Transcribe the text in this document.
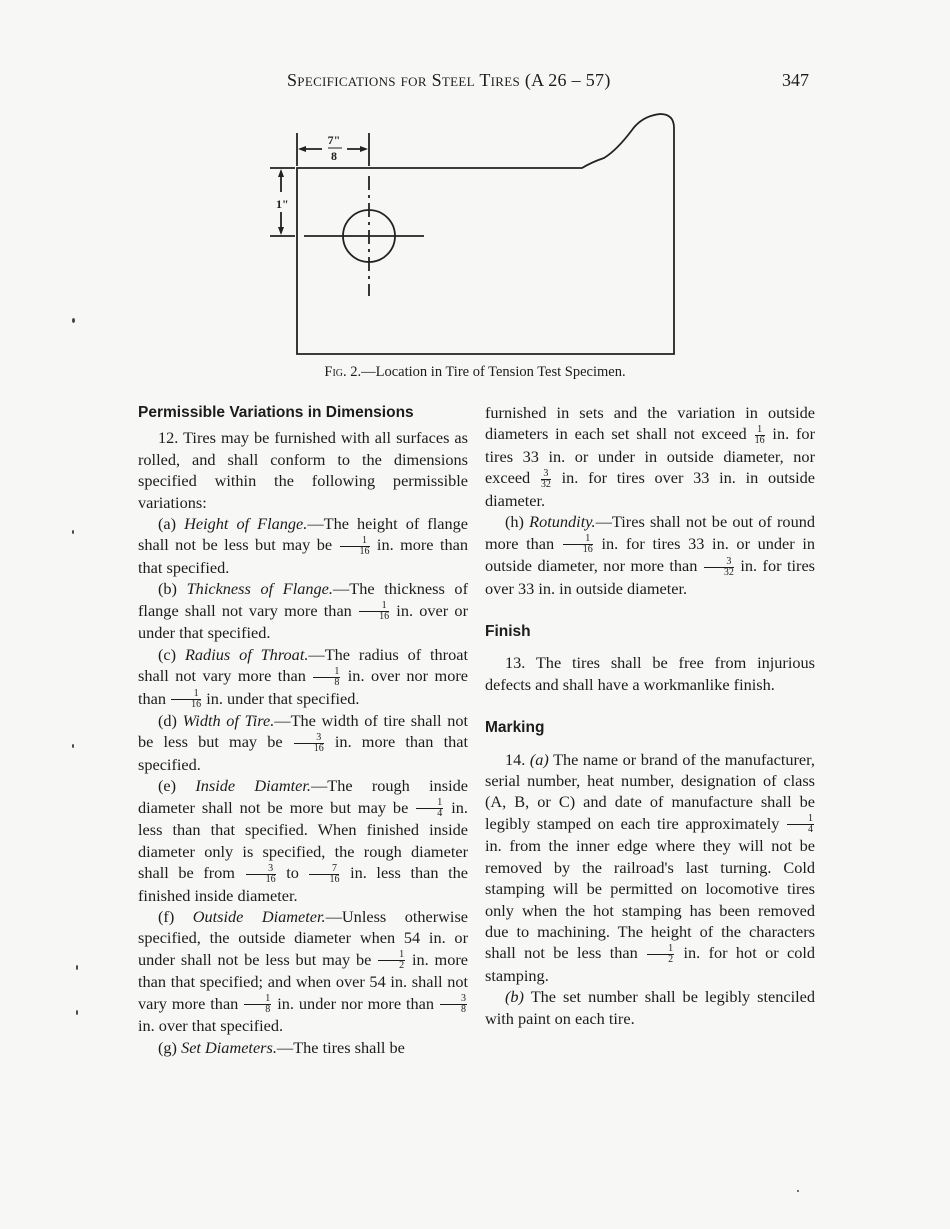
Specifications for Steel Tires (A 26 – 57)	347
7"
8
1"
Fig. 2.—Location in Tire of Tension Test Specimen.
Permissible Variations in Dimensions

12. Tires may be furnished with all surfaces as rolled, and shall conform to the dimensions specified within the following permissible variations:

(a) Height of Flange.—The height of flange shall not be less but may be $\frac{1}{16}$ in. more than that specified.

(b) Thickness of Flange.—The thickness of flange shall not vary more than $\frac{1}{16}$ in. over or under that specified.

(c) Radius of Throat.—The radius of throat shall not vary more than $\frac{1}{8}$ in. over nor more than $\frac{1}{16}$ in. under that specified.

(d) Width of Tire.—The width of tire shall not be less but may be $\frac{3}{16}$ in. more than that specified.

(e) Inside Diamter.—The rough inside diameter shall not be more but may be $\frac{1}{4}$ in. less than that specified. When finished inside diameter only is specified, the rough diameter shall be from $\frac{3}{16}$ to $\frac{7}{16}$ in. less than the finished inside diameter.

(f) Outside Diameter.—Unless otherwise specified, the outside diameter when 54 in. or under shall not be less but may be $\frac{1}{2}$ in. more than that specified; and when over 54 in. shall not vary more than $\frac{1}{8}$ in. under nor more than $\frac{3}{8}$
in. over that specified.

(g) Set Diameters.—The tires shall be

furnished in sets and the variation in outside diameters in each set shall not exceed $\frac{1}{16}$ in. for tires 33 in. or under in outside diameter, nor exceed $\frac{3}{32}$ in. for tires over 33 in. in outside diameter.

(h) Rotundity.—Tires shall not be out of round more than $\frac{1}{16}$ in. for tires 33 in. or under in outside diameter, nor more than $\frac{3}{32}$ in. for tires over 33 in. in outside diameter.

Finish

13. The tires shall be free from injurious defects and shall have a workmanlike finish.

Marking

14. (a) The name or brand of the manufacturer, serial number, heat number, designation of class (A, B, or C) and date of manufacture shall be legibly stamped on each tire approximately $\frac{1}{4}$
in. from the inner edge where they will not be removed by the railroad's last turning. Cold stamping will be permitted on locomotive tires only when the hot stamping has been removed due to machining. The height of the characters shall not be less than $\frac{1}{2}$ in. for hot or cold stamping.

(b) The set number shall be legibly stenciled with paint on each tire.
